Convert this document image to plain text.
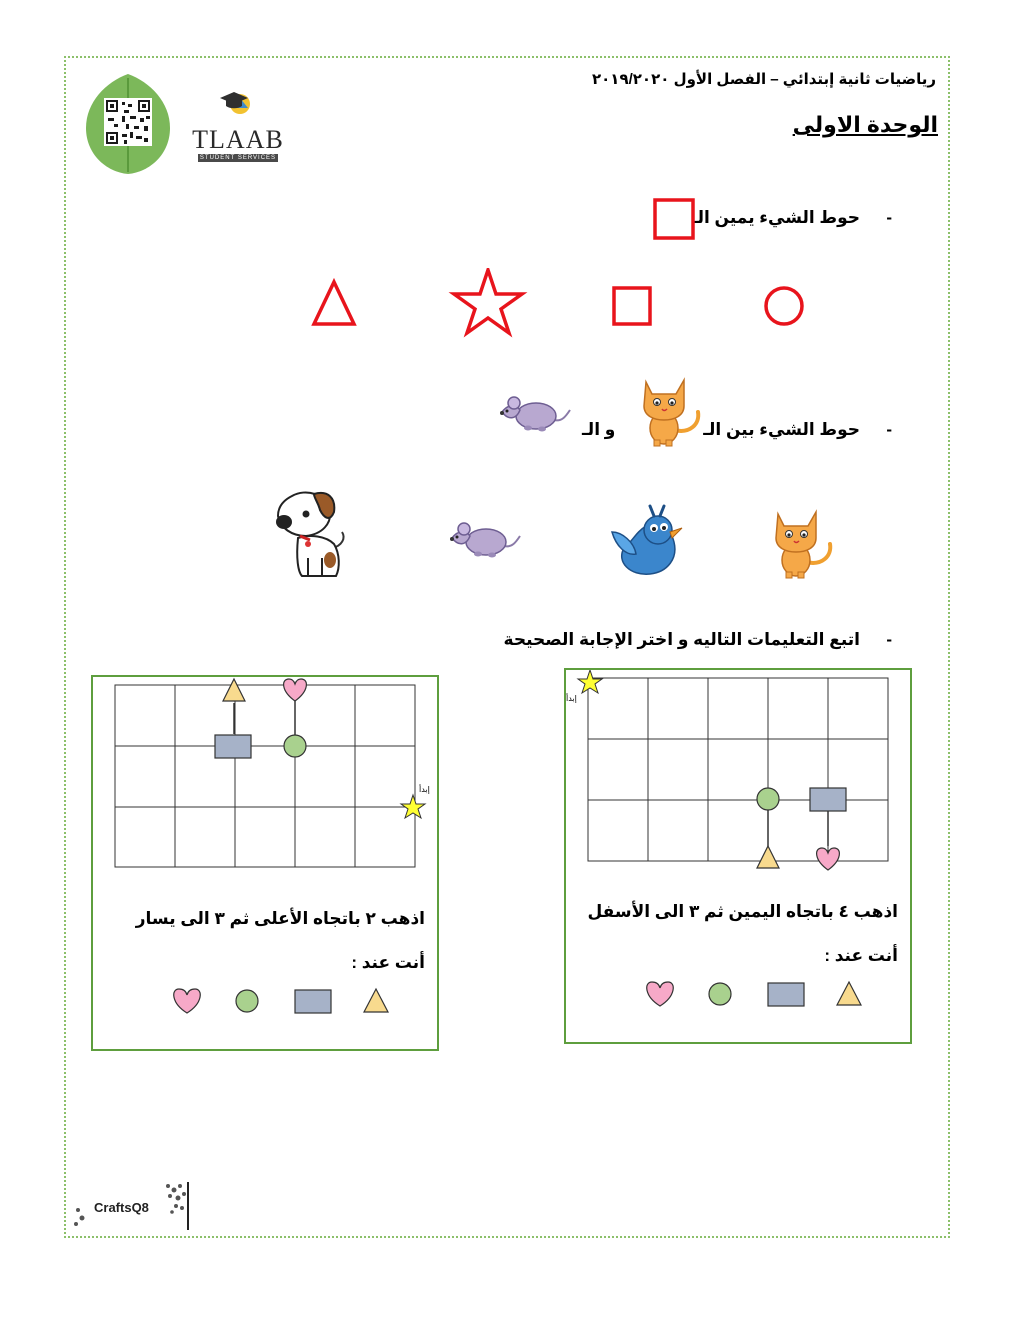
TLAAB
STUDENT SERVICES
رياضيات ثانية إبتدائي – الفصل الأول ٢٠١٩/٢٠٢٠
الوحدة الاولى
-
حوط الشيء يمين الـ
-
حوط الشيء بين الـ
و الـ
-
اتبع التعليمات التاليه و اختر الإجابة الصحيحة
إبدأ
اذهب ٤ باتجاه اليمين ثم ٣ الى الأسفل
أنت عند :
إبدأ
اذهب ٢ باتجاه الأعلى ثم ٣ الى يسار
أنت عند :
CraftsQ8
